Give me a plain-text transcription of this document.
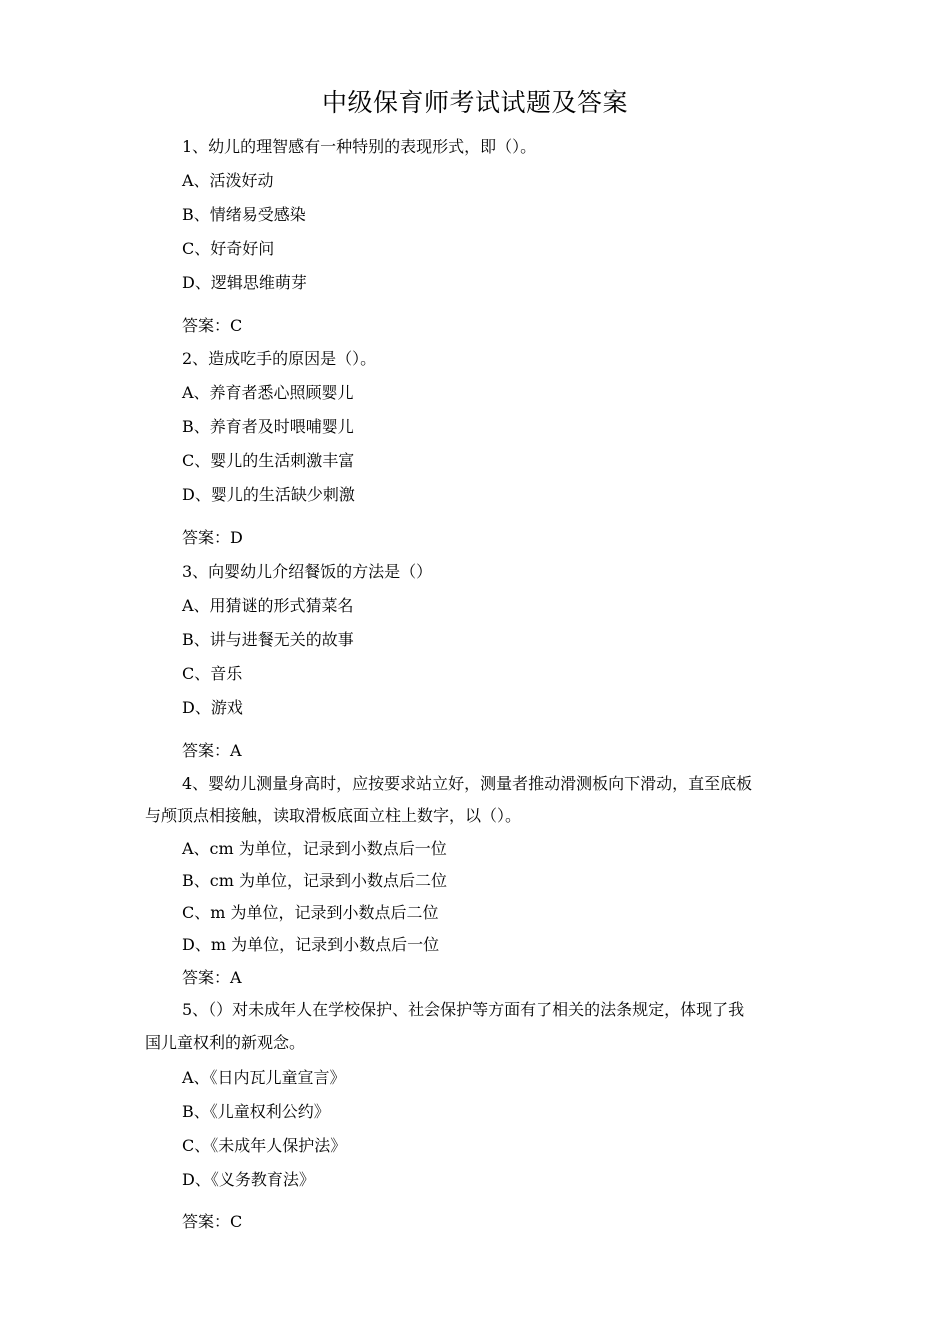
中级保育师考试试题及答案
1、幼儿的理智感有一种特别的表现形式，即（）。
A、活泼好动
B、情绪易受感染
C、好奇好问
D、逻辑思维萌芽
答案：C
2、造成吃手的原因是（）。
A、养育者悉心照顾婴儿
B、养育者及时喂哺婴儿
C、婴儿的生活刺激丰富
D、婴儿的生活缺少刺激
答案：D
3、向婴幼儿介绍餐饭的方法是（）
A、用猜谜的形式猜菜名
B、讲与进餐无关的故事
C、音乐
D、游戏
答案：A
4、婴幼儿测量身高时，应按要求站立好，测量者推动滑测板向下滑动，直至底板
与颅顶点相接触，读取滑板底面立柱上数字，以（）。
A、cm 为单位，记录到小数点后一位
B、cm 为单位，记录到小数点后二位
C、m 为单位，记录到小数点后二位
D、m 为单位，记录到小数点后一位
答案：A
5、（）对未成年人在学校保护、社会保护等方面有了相关的法条规定，体现了我
国儿童权利的新观念。
A、《日内瓦儿童宣言》
B、《儿童权利公约》
C、《未成年人保护法》
D、《义务教育法》
答案：C
